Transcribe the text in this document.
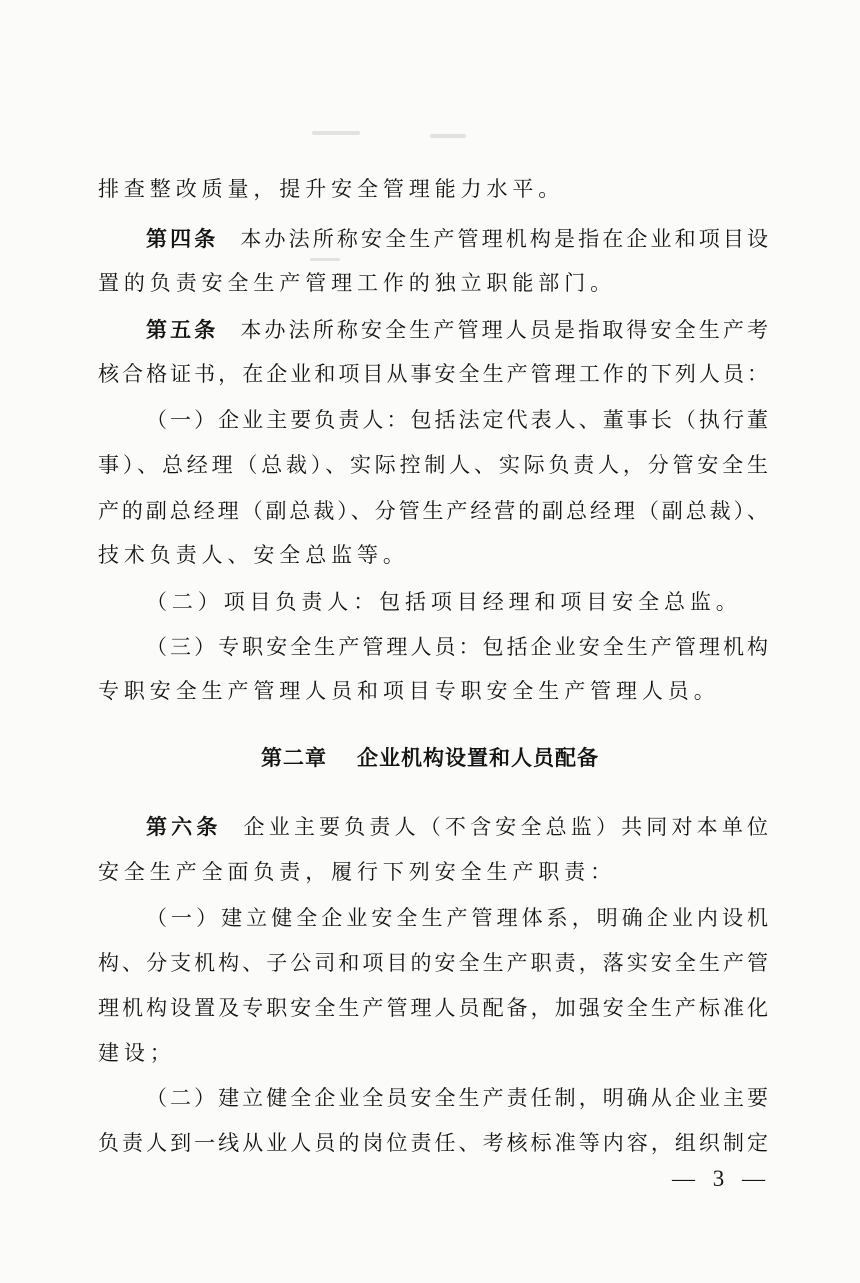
排查整改质量，提升安全管理能力水平。
第四条 本办法所称安全生产管理机构是指在企业和项目设
置的负责安全生产管理工作的独立职能部门。
第五条 本办法所称安全生产管理人员是指取得安全生产考
核合格证书，在企业和项目从事安全生产管理工作的下列人员：
（一）企业主要负责人：包括法定代表人、董事长（执行董
事）、总经理（总裁）、实际控制人、实际负责人，分管安全生
产的副总经理（副总裁）、分管生产经营的副总经理（副总裁）、
技术负责人、安全总监等。
（二）项目负责人：包括项目经理和项目安全总监。
（三）专职安全生产管理人员：包括企业安全生产管理机构
专职安全生产管理人员和项目专职安全生产管理人员。
第二章 企业机构设置和人员配备
第六条 企业主要负责人（不含安全总监）共同对本单位
安全生产全面负责，履行下列安全生产职责：
（一）建立健全企业安全生产管理体系，明确企业内设机
构、分支机构、子公司和项目的安全生产职责，落实安全生产管
理机构设置及专职安全生产管理人员配备，加强安全生产标准化
建设；
（二）建立健全企业全员安全生产责任制，明确从企业主要
负责人到一线从业人员的岗位责任、考核标准等内容，组织制定
— 3 —
